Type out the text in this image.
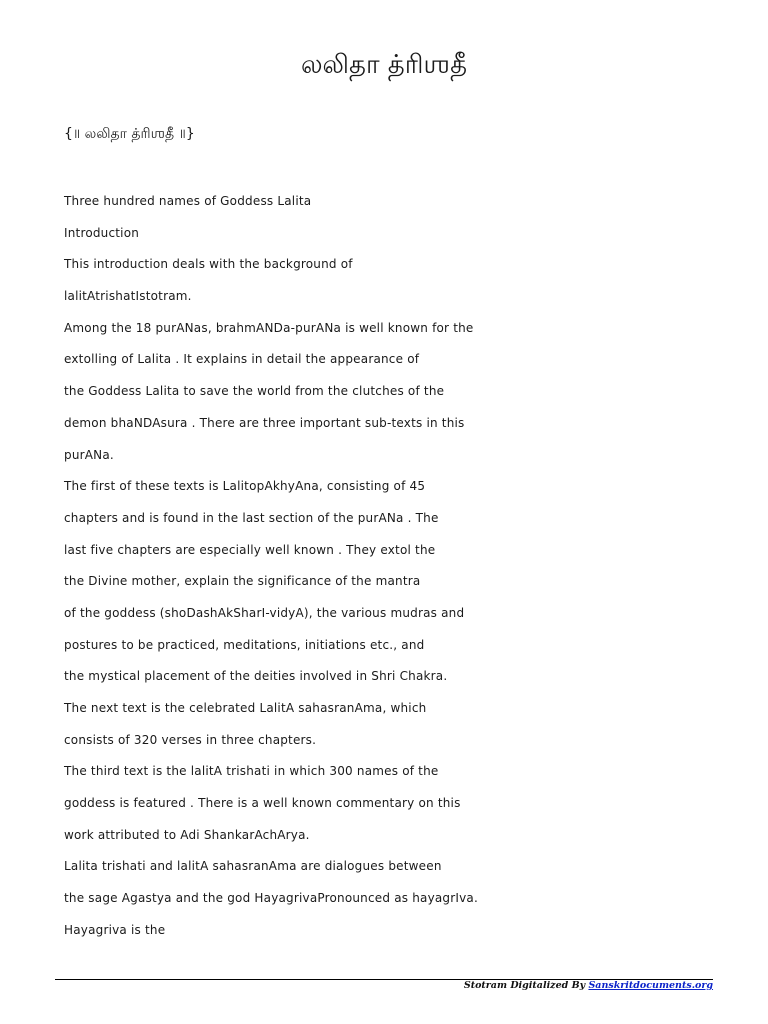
லலிதா த்ரிஶதீ
{॥ லலிதா த்ரிஶதீ ॥}
Three hundred names of Goddess Lalita
Introduction
This introduction deals with the background of
lalitAtrishatIstotram.
Among the 18 purANas, brahmANDa-purANa is well known for the
extolling of Lalita . It explains in detail the appearance of
the Goddess Lalita to save the world from the clutches of the
demon bhaNDAsura . There are three important sub-texts in this
purANa.
The first of these texts is LalitopAkhyAna, consisting of 45
chapters and is found in the last section of the purANa . The
last five chapters are especially well known . They extol the
the Divine mother, explain the significance of the mantra
of the goddess (shoDashAkSharI-vidyA), the various mudras and
postures to be practiced, meditations, initiations etc., and
the mystical placement of the deities involved in Shri Chakra.
The next text is the celebrated LalitA sahasranAma, which
consists of 320 verses in three chapters.
The third text is the lalitA trishati in which 300 names of the
goddess is featured . There is a well known commentary on this
work attributed to Adi ShankarAchArya.
Lalita trishati and lalitA sahasranAma are dialogues between
the sage Agastya and the god HayagrivaPronounced as hayagrIva.
Hayagriva is the
Stotram Digitalized By Sanskritdocuments.org
